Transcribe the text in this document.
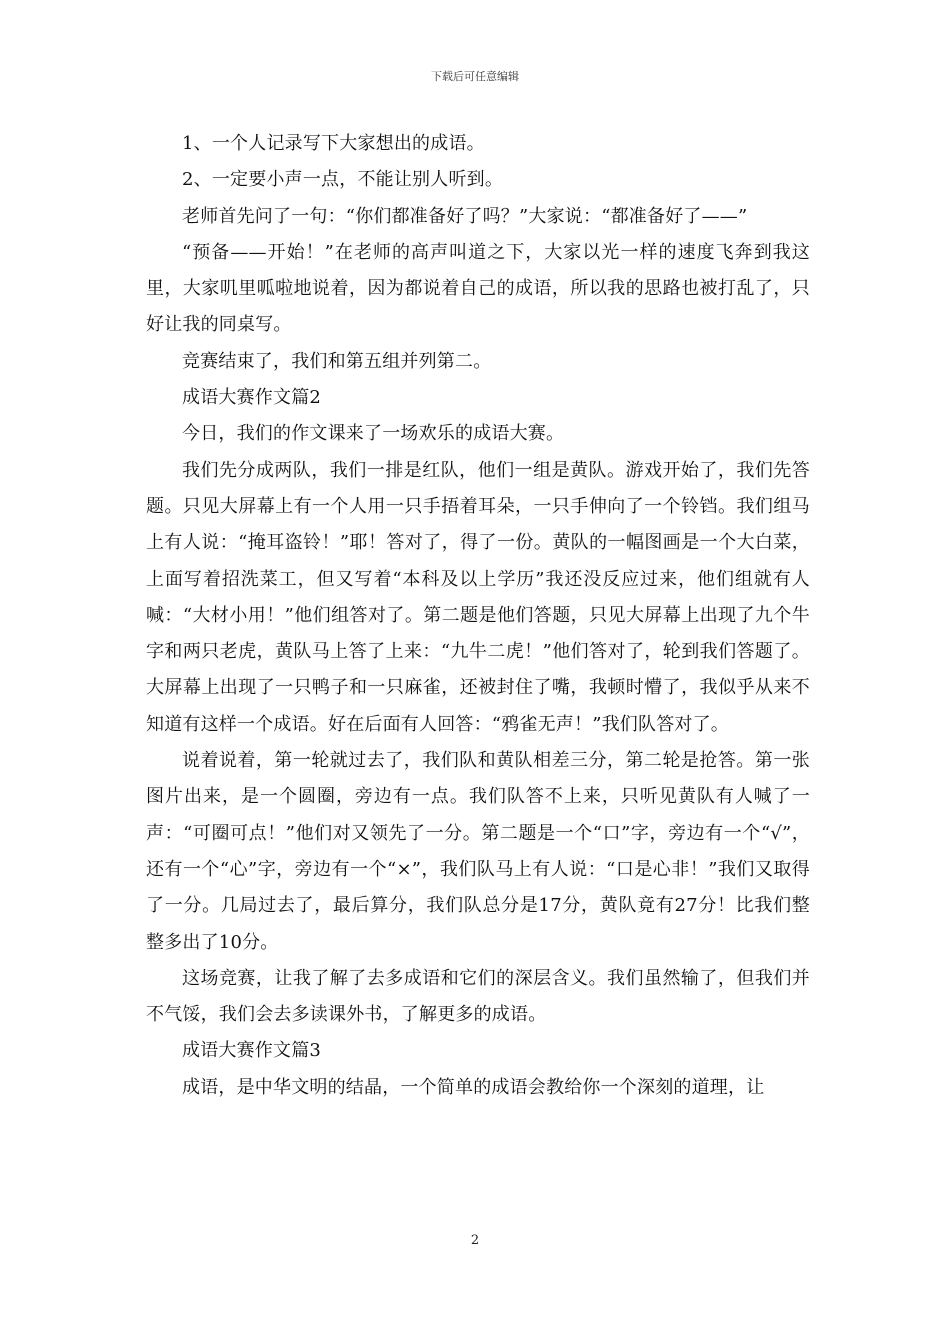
下载后可任意编辑

1、一个人记录写下大家想出的成语。

2、一定要小声一点，不能让别人听到。

老师首先问了一句：“你们都准备好了吗？”大家说：“都准备好了——”

“预备——开始！”在老师的高声叫道之下，大家以光一样的速度飞奔到我这里，大家叽里呱啦地说着，因为都说着自己的成语，所以我的思路也被打乱了，只好让我的同桌写。

竞赛结束了，我们和第五组并列第二。

成语大赛作文篇2

今日，我们的作文课来了一场欢乐的成语大赛。

我们先分成两队，我们一排是红队，他们一组是黄队。游戏开始了，我们先答题。只见大屏幕上有一个人用一只手捂着耳朵，一只手伸向了一个铃铛。我们组马上有人说：“掩耳盗铃！”耶！答对了，得了一份。黄队的一幅图画是一个大白菜，上面写着招洗菜工，但又写着“本科及以上学历”我还没反应过来，他们组就有人喊：“大材小用！”他们组答对了。第二题是他们答题，只见大屏幕上出现了九个牛字和两只老虎，黄队马上答了上来：“九牛二虎！”他们答对了，轮到我们答题了。大屏幕上出现了一只鸭子和一只麻雀，还被封住了嘴，我顿时懵了，我似乎从来不知道有这样一个成语。好在后面有人回答：“鸦雀无声！”我们队答对了。

说着说着，第一轮就过去了，我们队和黄队相差三分，第二轮是抢答。第一张图片出来，是一个圆圈，旁边有一点。我们队答不上来，只听见黄队有人喊了一声：“可圈可点！”他们对又领先了一分。第二题是一个“口”字，旁边有一个“√”，还有一个“心”字，旁边有一个“×”，我们队马上有人说：“口是心非！”我们又取得了一分。几局过去了，最后算分，我们队总分是17分，黄队竟有27分！比我们整整多出了10分。

这场竞赛，让我了解了去多成语和它们的深层含义。我们虽然输了，但我们并不气馁，我们会去多读课外书，了解更多的成语。

成语大赛作文篇3

成语，是中华文明的结晶，一个简单的成语会教给你一个深刻的道理，让

2
